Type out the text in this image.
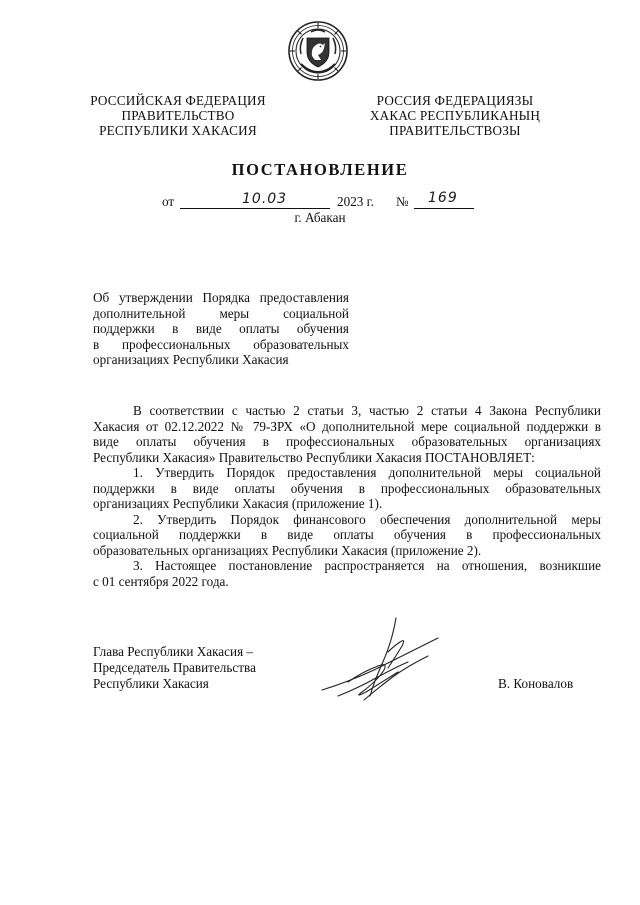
РОССИЙСКАЯ ФЕДЕРАЦИЯ
ПРАВИТЕЛЬСТВО
РЕСПУБЛИКИ ХАКАСИЯ
РОССИЯ ФЕДЕРАЦИЯЗЫ
ХАКАС РЕСПУБЛИКАНЫҢ
ПРАВИТЕЛЬСТВОЗЫ
ПОСТАНОВЛЕНИЕ
от	10.03	2023 г. № 169
г. Абакан
Об утверждении Порядка предоставления
дополнительной меры социальной
поддержки в виде оплаты обучения
в профессиональных образовательных
организациях Республики Хакасия
В соответствии с частью 2 статьи 3, частью 2 статьи 4 Закона Республики
Хакасия от 02.12.2022 № 79-ЗРХ «О дополнительной мере социальной поддержки в
виде оплаты обучения в профессиональных образовательных организациях
Республики Хакасия» Правительство Республики Хакасия ПОСТАНОВЛЯЕТ:
1. Утвердить Порядок предоставления дополнительной меры социальной
поддержки в виде оплаты обучения в профессиональных образовательных
организациях Республики Хакасия (приложение 1).
2. Утвердить Порядок финансового обеспечения дополнительной меры
социальной поддержки в виде оплаты обучения в профессиональных
образовательных организациях Республики Хакасия (приложение 2).
3. Настоящее постановление распространяется на отношения, возникшие
с 01 сентября 2022 года.
Глава Республики Хакасия –
Председатель Правительства
Республики Хакасия	В. Коновалов
